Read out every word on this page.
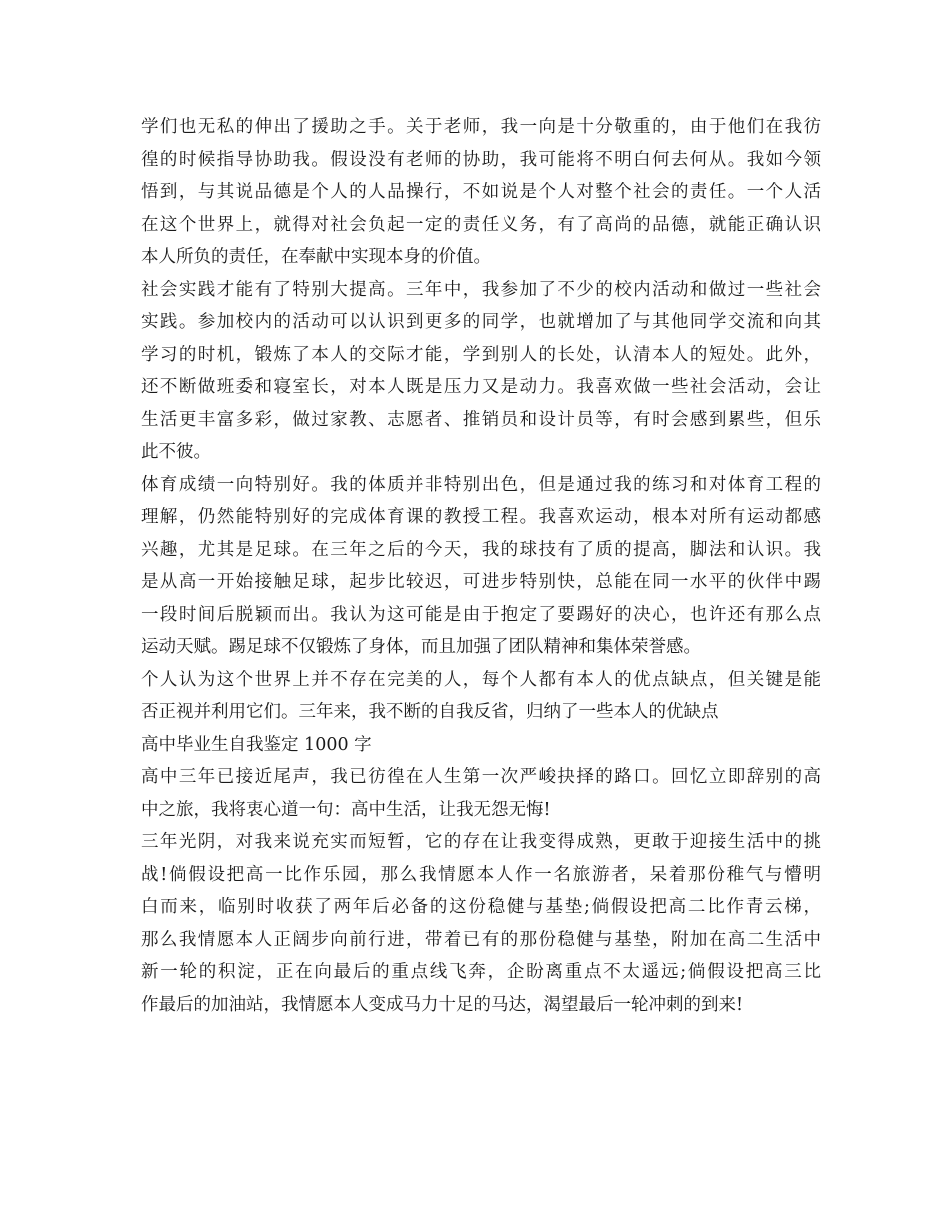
学们也无私的伸出了援助之手。关于老师，我一向是十分敬重的，由于他们在我彷
徨的时候指导协助我。假设没有老师的协助，我可能将不明白何去何从。我如今领
悟到，与其说品德是个人的人品操行，不如说是个人对整个社会的责任。一个人活
在这个世界上，就得对社会负起一定的责任义务，有了高尚的品德，就能正确认识
本人所负的责任，在奉献中实现本身的价值。
社会实践才能有了特别大提高。三年中，我参加了不少的校内活动和做过一些社会
实践。参加校内的活动可以认识到更多的同学，也就增加了与其他同学交流和向其
学习的时机，锻炼了本人的交际才能，学到别人的长处，认清本人的短处。此外，
还不断做班委和寝室长，对本人既是压力又是动力。我喜欢做一些社会活动，会让
生活更丰富多彩，做过家教、志愿者、推销员和设计员等，有时会感到累些，但乐
此不彼。
体育成绩一向特别好。我的体质并非特别出色，但是通过我的练习和对体育工程的
理解，仍然能特别好的完成体育课的教授工程。我喜欢运动，根本对所有运动都感
兴趣，尤其是足球。在三年之后的今天，我的球技有了质的提高，脚法和认识。我
是从高一开始接触足球，起步比较迟，可进步特别快，总能在同一水平的伙伴中踢
一段时间后脱颖而出。我认为这可能是由于抱定了要踢好的决心，也许还有那么点
运动天赋。踢足球不仅锻炼了身体，而且加强了团队精神和集体荣誉感。
个人认为这个世界上并不存在完美的人，每个人都有本人的优点缺点，但关键是能
否正视并利用它们。三年来，我不断的自我反省，归纳了一些本人的优缺点
高中毕业生自我鉴定 1000 字
高中三年已接近尾声，我已彷徨在人生第一次严峻抉择的路口。回忆立即辞别的高
中之旅，我将衷心道一句：高中生活，让我无怨无悔!
三年光阴，对我来说充实而短暂，它的存在让我变得成熟，更敢于迎接生活中的挑
战!倘假设把高一比作乐园，那么我情愿本人作一名旅游者，呆着那份稚气与懵明
白而来，临别时收获了两年后必备的这份稳健与基垫;倘假设把高二比作青云梯，
那么我情愿本人正阔步向前行进，带着已有的那份稳健与基垫，附加在高二生活中
新一轮的积淀，正在向最后的重点线飞奔，企盼离重点不太遥远;倘假设把高三比
作最后的加油站，我情愿本人变成马力十足的马达，渴望最后一轮冲刺的到来!
